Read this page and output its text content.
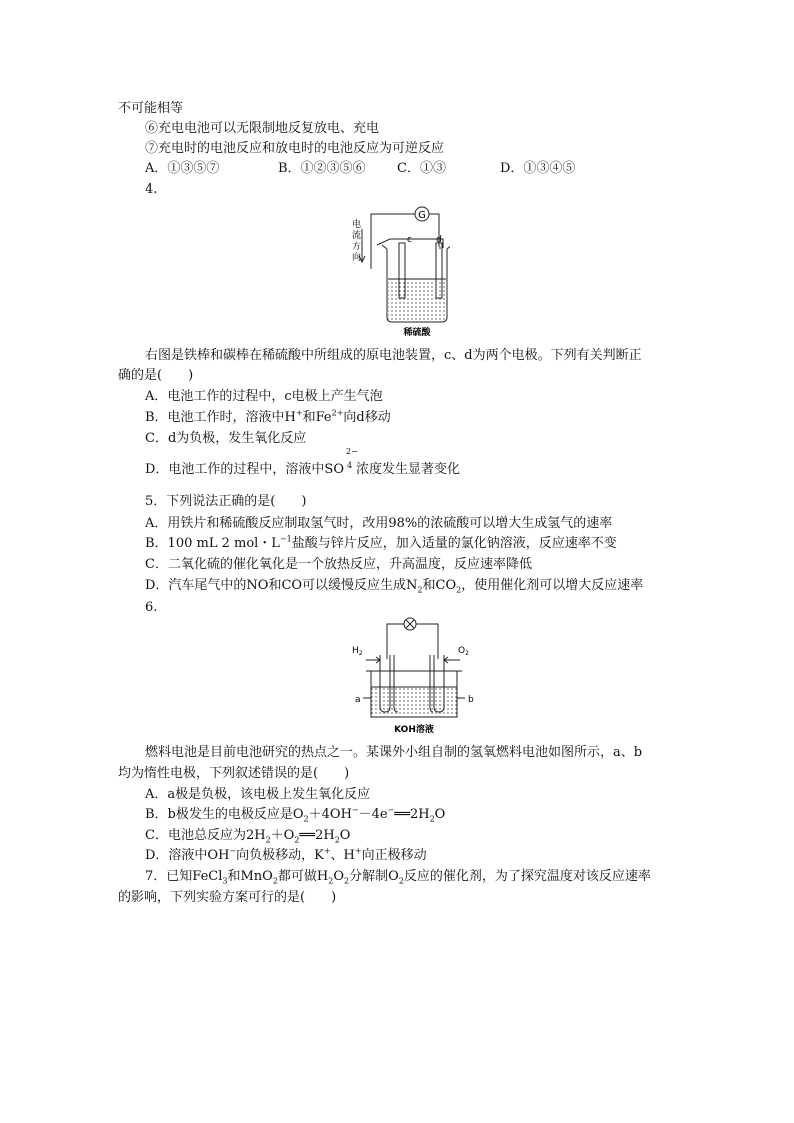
不可能相等
⑥充电电池可以无限制地反复放电、充电
⑦充电时的电池反应和放电时的电池反应为可逆反应
A．①③⑤⑦	B．①②③⑤⑥ C．①③	D．①③④⑤
4.
G
c	d
电
流
方
向
稀硫酸
右图是铁棒和碳棒在稀硫酸中所组成的原电池装置，c、d为两个电极。下列有关判断正
确的是(　　)
A．电池工作的过程中，c电极上产生气泡
B．电池工作时，溶液中H+和$Fe^{2+}$向d移动
C．d为负极，发生氧化反应
D．电池工作的过程中，溶液中SO
2−
4 浓度发生显著变化
5．下列说法正确的是(　　)
A．用铁片和稀硫酸反应制取氢气时，改用98%的浓硫酸可以增大生成氢气的速率
B．100 mL 2 mol・$L^{-1}$盐酸与锌片反应，加入适量的氯化钠溶液，反应速率不变
C．二氧化硫的催化氧化是一个放热反应，升高温度，反应速率降低
D．汽车尾气中的NO和CO可以缓慢反应生成$N_2$和$CO_2$，使用催化剂可以增大反应速率
6.
$H_2$	$O_2$
a	b
KOH溶液
燃料电池是目前电池研究的热点之一。某课外小组自制的氢氧燃料电池如图所示，a、b
均为惰性电极，下列叙述错误的是(　　)
A．a极是负极，该电极上发生氧化反应
B．b极发生的电极反应是$O_2+4OH^--4e^-══2H_2O$
C．电池总反应为$2H_2+O_2══2H_2O$
D．溶液中OH−向负极移动，K+、H+向正极移动
7．已知FeCl$_3$和MnO$_2$都可做$H_2O_2$分解制$O_2$反应的催化剂，为了探究温度对该反应速率
的影响，下列实验方案可行的是(　　)
